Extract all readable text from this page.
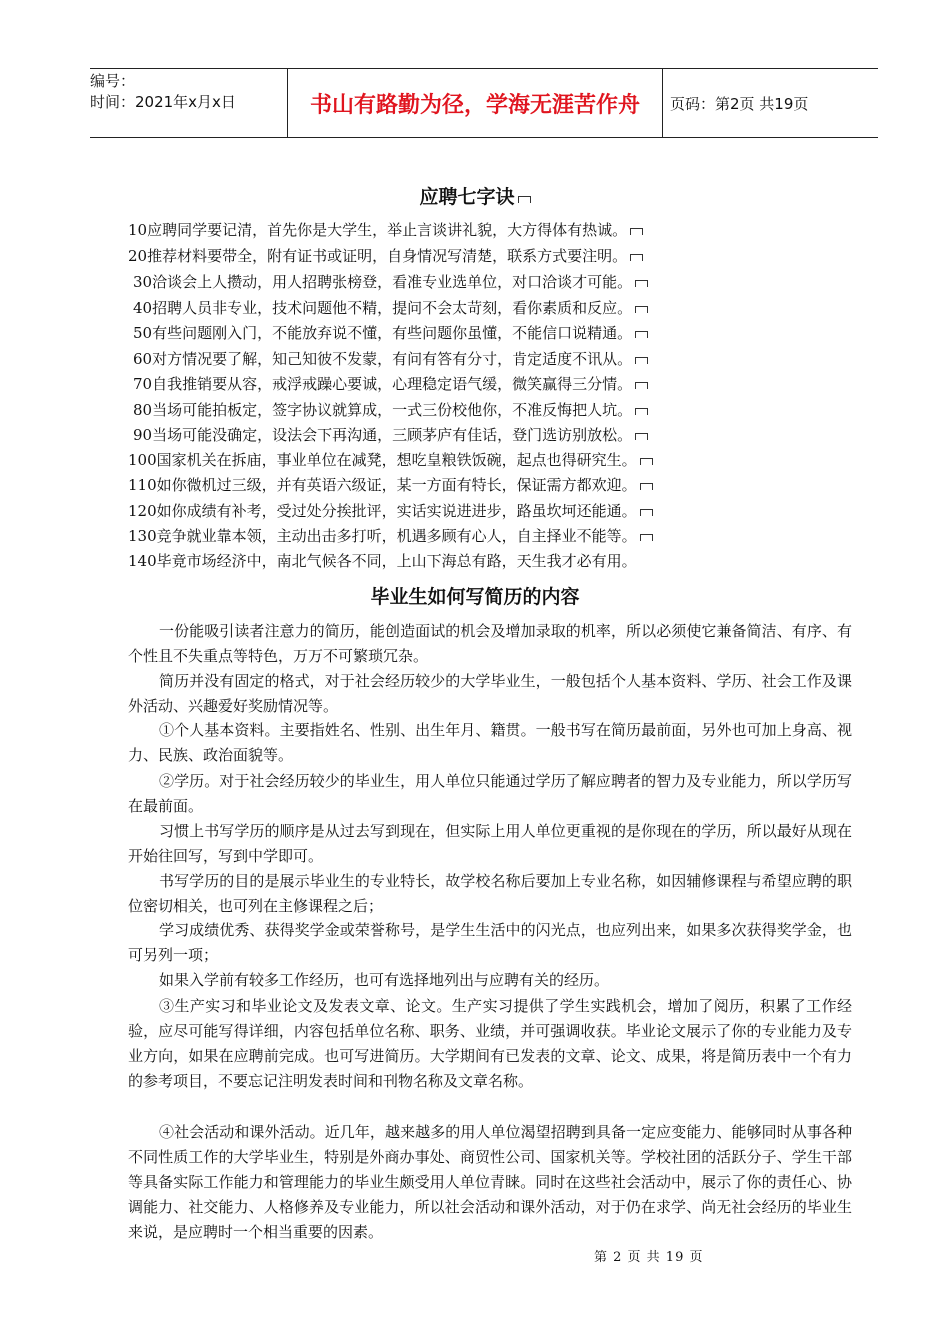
编号：
时间：2021年x月x日	书山有路勤为径，学海无涯苦作舟	页码：第2页 共19页
应聘七字诀
10应聘同学要记清，首先你是大学生，举止言谈讲礼貌，大方得体有热诚。
20推荐材料要带全，附有证书或证明，自身情况写清楚，联系方式要注明。
30洽谈会上人攒动，用人招聘张榜登，看准专业选单位，对口洽谈才可能。
40招聘人员非专业，技术问题他不精，提问不会太苛刻，看你素质和反应。
50有些问题刚入门，不能放弃说不懂，有些问题你虽懂，不能信口说精通。
60对方情况要了解，知己知彼不发蒙，有问有答有分寸，肯定适度不讯从。
70自我推销要从容，戒浮戒躁心要诚，心理稳定语气缓，微笑赢得三分情。
80当场可能拍板定，签字协议就算成，一式三份校他你，不准反悔把人坑。
90当场可能没确定，设法会下再沟通，三顾茅庐有佳话，登门选访别放松。
100国家机关在拆庙，事业单位在减凳，想吃皇粮铁饭碗，起点也得研究生。
110如你微机过三级，并有英语六级证，某一方面有特长，保证需方都欢迎。
120如你成绩有补考，受过处分挨批评，实话实说进进步，路虽坎坷还能通。
130竞争就业靠本领，主动出击多打听，机遇多顾有心人，自主择业不能等。
140毕竟市场经济中，南北气候各不同，上山下海总有路，天生我才必有用。
毕业生如何写简历的内容

一份能吸引读者注意力的简历，能创造面试的机会及增加录取的机率，所以必须使它兼备简洁、有序、有个性且不失重点等特色，万万不可繁琐冗杂。

简历并没有固定的格式，对于社会经历较少的大学毕业生，一般包括个人基本资料、学历、社会工作及课外活动、兴趣爱好奖励情况等。

①个人基本资料。主要指姓名、性别、出生年月、籍贯。一般书写在简历最前面，另外也可加上身高、视力、民族、政治面貌等。

②学历。对于社会经历较少的毕业生，用人单位只能通过学历了解应聘者的智力及专业能力，所以学历写在最前面。

习惯上书写学历的顺序是从过去写到现在，但实际上用人单位更重视的是你现在的学历，所以最好从现在开始往回写，写到中学即可。

书写学历的目的是展示毕业生的专业特长，故学校名称后要加上专业名称，如因辅修课程与希望应聘的职位密切相关，也可列在主修课程之后；

学习成绩优秀、获得奖学金或荣誉称号，是学生生活中的闪光点，也应列出来，如果多次获得奖学金，也可另列一项；

如果入学前有较多工作经历，也可有选择地列出与应聘有关的经历。

③生产实习和毕业论文及发表文章、论文。生产实习提供了学生实践机会，增加了阅历，积累了工作经验，应尽可能写得详细，内容包括单位名称、职务、业绩，并可强调收获。毕业论文展示了你的专业能力及专业方向，如果在应聘前完成。也可写进简历。大学期间有已发表的文章、论文、成果，将是简历表中一个有力的参考项目，不要忘记注明发表时间和刊物名称及文章名称。

④社会活动和课外活动。近几年，越来越多的用人单位渴望招聘到具备一定应变能力、能够同时从事各种不同性质工作的大学毕业生，特别是外商办事处、商贸性公司、国家机关等。学校社团的活跃分子、学生干部等具备实际工作能力和管理能力的毕业生颇受用人单位青睐。同时在这些社会活动中，展示了你的责任心、协调能力、社交能力、人格修养及专业能力，所以社会活动和课外活动，对于仍在求学、尚无社会经历的毕业生来说，是应聘时一个相当重要的因素。

第 2 页 共 19 页
